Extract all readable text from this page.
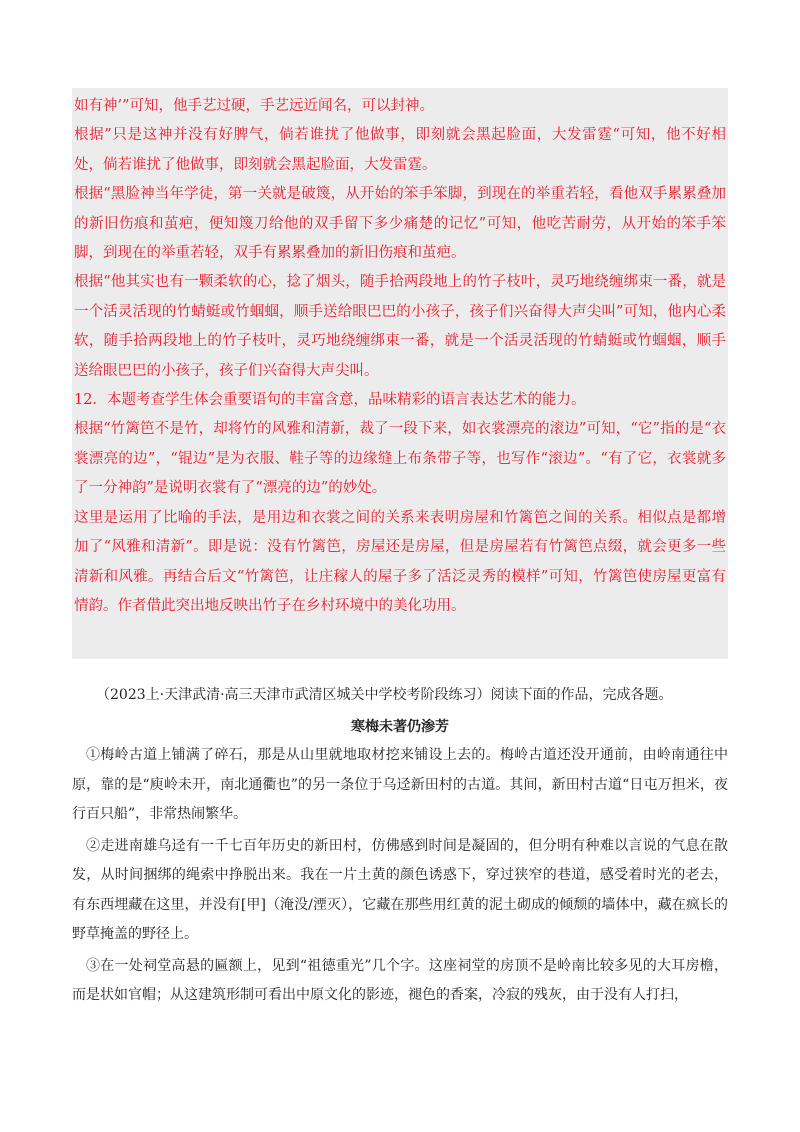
如有神’”可知，他手艺过硬，手艺远近闻名，可以封神。

根据”只是这神并没有好脾气，倘若谁扰了他做事，即刻就会黑起脸面，大发雷霆“可知，他不好相处，倘若谁扰了他做事，即刻就会黑起脸面，大发雷霆。

根据“黑脸神当年学徒，第一关就是破篾，从开始的笨手笨脚，到现在的举重若轻，看他双手累累叠加的新旧伤痕和茧疤，便知篾刀给他的双手留下多少痛楚的记忆”可知，他吃苦耐劳，从开始的笨手笨脚，到现在的举重若轻，双手有累累叠加的新旧伤痕和茧疤。

根据“他其实也有一颗柔软的心，捻了烟头，随手拾两段地上的竹子枝叶，灵巧地绕缠绑束一番，就是一个活灵活现的竹蜻蜓或竹蝈蝈，顺手送给眼巴巴的小孩子，孩子们兴奋得大声尖叫”可知，他内心柔软，随手拾两段地上的竹子枝叶，灵巧地绕缠绑束一番，就是一个活灵活现的竹蜻蜓或竹蝈蝈，顺手送给眼巴巴的小孩子，孩子们兴奋得大声尖叫。

12．本题考查学生体会重要语句的丰富含意，品味精彩的语言表达艺术的能力。

根据“竹篱笆不是竹，却将竹的风雅和清新，裁了一段下来，如衣裳漂亮的滚边”可知，“它”指的是“衣裳漂亮的边”，“锟边”是为衣服、鞋子等的边缘缝上布条带子等，也写作“滚边”。“有了它，衣裳就多了一分神韵”是说明衣裳有了“漂亮的边”的妙处。

这里是运用了比喻的手法，是用边和衣裳之间的关系来表明房屋和竹篱笆之间的关系。相似点是都增加了“风雅和清新”。即是说：没有竹篱笆，房屋还是房屋，但是房屋若有竹篱笆点缀，就会更多一些清新和风雅。再结合后文“竹篱笆，让庄稼人的屋子多了活泛灵秀的模样”可知，竹篱笆使房屋更富有情韵。作者借此突出地反映出竹子在乡村环境中的美化功用。

（2023上·天津武清·高三天津市武清区城关中学校考阶段练习）阅读下面的作品，完成各题。
寒梅未著仍渗芳

①梅岭古道上铺满了碎石，那是从山里就地取材挖来铺设上去的。梅岭古道还没开通前，由岭南通往中原，靠的是“庾岭未开，南北通衢也”的另一条位于乌迳新田村的古道。其间，新田村古道“日屯万担米，夜行百只船”，非常热闹繁华。

②走进南雄乌迳有一千七百年历史的新田村，仿佛感到时间是凝固的，但分明有种难以言说的气息在散发，从时间捆绑的绳索中挣脱出来。我在一片土黄的颜色诱惑下，穿过狭窄的巷道，感受着时光的老去，有东西埋藏在这里，并没有[甲]（淹没/湮灭），它藏在那些用红黄的泥土砌成的倾颓的墙体中，藏在疯长的野草掩盖的野径上。

③在一处祠堂高悬的匾额上，见到“祖德重光”几个字。这座祠堂的房顶不是岭南比较多见的大耳房檐，而是状如官帽；从这建筑形制可看出中原文化的影迹，褪色的香案，冷寂的残灰，由于没有人打扫，
